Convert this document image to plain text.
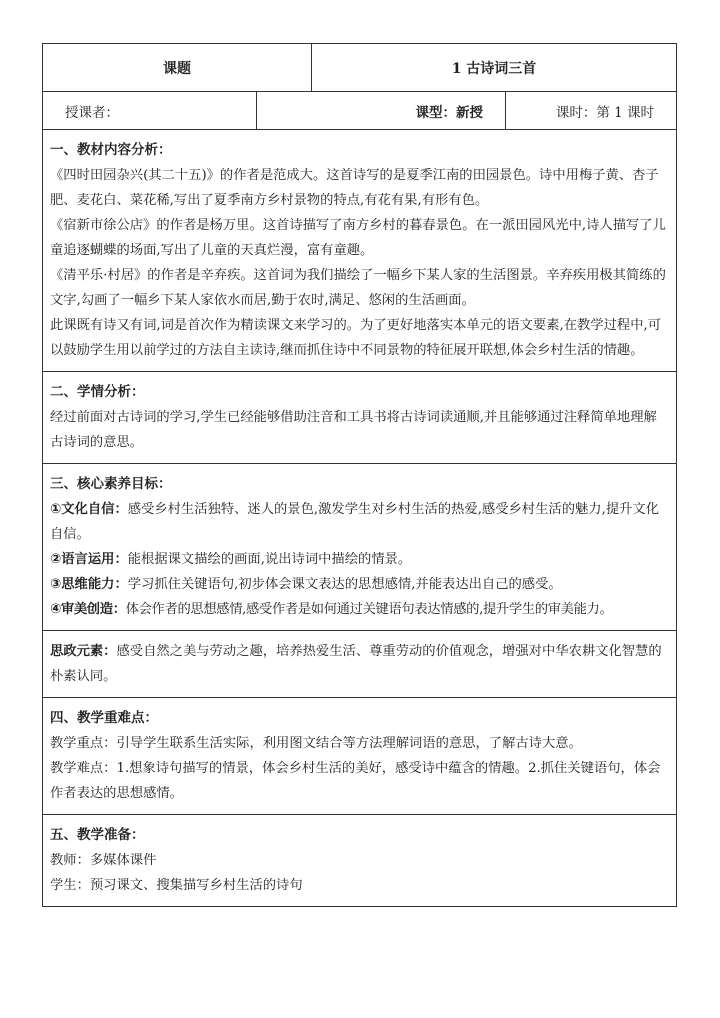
课题	1 古诗词三首
授课者：	课型：新授	课时：第 1 课时

一、教材内容分析：

《四时田园杂兴(其二十五)》的作者是范成大。这首诗写的是夏季江南的田园景色。诗中用梅子黄、杏子肥、麦花白、菜花稀,写出了夏季南方乡村景物的特点,有花有果,有形有色。

《宿新市徐公店》的作者是杨万里。这首诗描写了南方乡村的暮春景色。在一派田园风光中,诗人描写了儿童追逐蝴蝶的场面,写出了儿童的天真烂漫，富有童趣。

《清平乐·村居》的作者是辛弃疾。这首词为我们描绘了一幅乡下某人家的生活图景。辛弃疾用极其简练的文字,勾画了一幅乡下某人家依水而居,勤于农时,满足、悠闲的生活画面。

此课既有诗又有词,词是首次作为精读课文来学习的。为了更好地落实本单元的语文要素,在教学过程中,可以鼓励学生用以前学过的方法自主读诗,继而抓住诗中不同景物的特征展开联想,体会乡村生活的情趣。

二、学情分析：

经过前面对古诗词的学习,学生已经能够借助注音和工具书将古诗词读通顺,并且能够通过注释简单地理解古诗词的意思。

三、核心素养目标：

①文化自信：感受乡村生活独特、迷人的景色,激发学生对乡村生活的热爱,感受乡村生活的魅力,提升文化自信。

②语言运用：能根据课文描绘的画面,说出诗词中描绘的情景。

③思维能力：学习抓住关键语句,初步体会课文表达的思想感情,并能表达出自己的感受。

④审美创造：体会作者的思想感情,感受作者是如何通过关键语句表达情感的,提升学生的审美能力。

思政元素：感受自然之美与劳动之趣，培养热爱生活、尊重劳动的价值观念，增强对中华农耕文化智慧的朴素认同。

四、教学重难点：

教学重点：引导学生联系生活实际，利用图文结合等方法理解词语的意思，了解古诗大意。

教学难点：1.想象诗句描写的情景，体会乡村生活的美好，感受诗中蕴含的情趣。2.抓住关键语句，体会作者表达的思想感情。

五、教学准备：

教师：多媒体课件

学生：预习课文、搜集描写乡村生活的诗句
